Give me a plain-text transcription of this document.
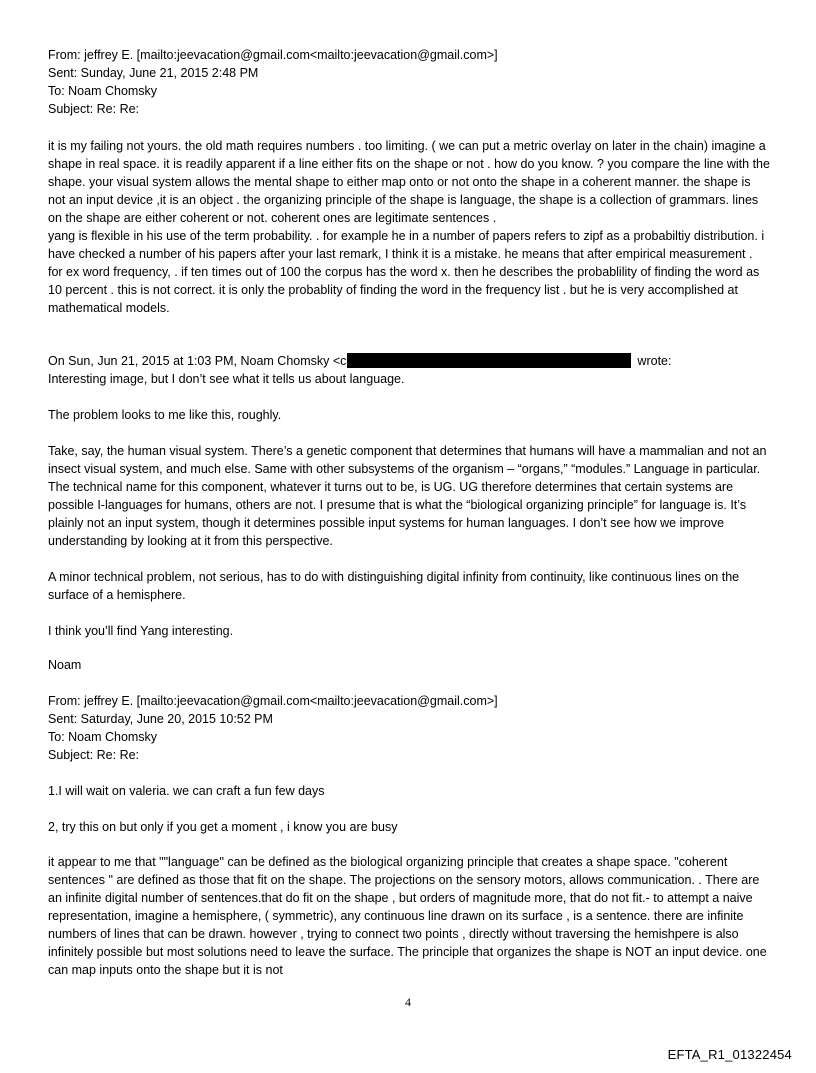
From: jeffrey E. [mailto:jeevacation@gmail.com<mailto:jeevacation@gmail.com>]

Sent: Sunday, June 21, 2015 2:48 PM

To: Noam Chomsky

Subject: Re: Re:

it is my failing not yours. the old math requires numbers . too limiting. ( we can put a metric overlay on later in the chain) imagine a shape in real space. it is readily apparent if a line either fits on the shape or not . how do you know. ? you compare the line with the shape. your visual system allows the mental shape to either map onto or not onto the shape in a coherent manner. the shape is not an input device ,it is an object . the organizing principle of the shape is language, the shape is a collection of grammars. lines on the shape are either coherent or not. coherent ones are legitimate sentences .

yang is flexible in his use of the term probability. . for example he in a number of papers refers to zipf as a probabiltiy distribution. i have checked a number of his papers after your last remark, I think it is a mistake. he means that after empirical measurement . for ex word frequency, . if ten times out of 100 the corpus has the word x. then he describes the probablility of finding the word as 10 percent . this is not correct. it is only the probablity of finding the word in the frequency list . but he is very accomplished at mathematical models.

On Sun, Jun 21, 2015 at 1:03 PM, Noam Chomsky <c	wrote:

Interesting image, but I don’t see what it tells us about language.

The problem looks to me like this, roughly.

Take, say, the human visual system. There’s a genetic component that determines that humans will have a mammalian and not an insect visual system, and much else. Same with other subsystems of the organism – “organs,” “modules.” Language in particular. The technical name for this component, whatever it turns out to be, is UG. UG therefore determines that certain systems are possible I-languages for humans, others are not. I presume that is what the “biological organizing principle” for language is. It’s plainly not an input system, though it determines possible input systems for human languages. I don’t see how we improve understanding by looking at it from this perspective.

A minor technical problem, not serious, has to do with distinguishing digital infinity from continuity, like continuous lines on the surface of a hemisphere.

I think you’ll find Yang interesting.

Noam

From: jeffrey E. [mailto:jeevacation@gmail.com<mailto:jeevacation@gmail.com>]

Sent: Saturday, June 20, 2015 10:52 PM

To: Noam Chomsky

Subject: Re: Re:

1.I will wait on valeria. we can craft a fun few days

2, try this on but only if you get a moment , i know you are busy

it appear to me that ""language" can be defined as the biological organizing principle that creates a shape space. "coherent sentences " are defined as those that fit on the shape. The projections on the sensory motors, allows communication. . There are an infinite digital number of sentences.that do fit on the shape , but orders of magnitude more, that do not fit.- to attempt a naive representation, imagine a hemisphere, ( symmetric), any continuous line drawn on its surface , is a sentence. there are infinite numbers of lines that can be drawn. however , trying to connect two points , directly without traversing the hemishpere is also infinitely possible but most solutions need to leave the surface. The principle that organizes the shape is NOT an input device. one can map inputs onto the shape but it is not

4
EFTA_R1_01322454
